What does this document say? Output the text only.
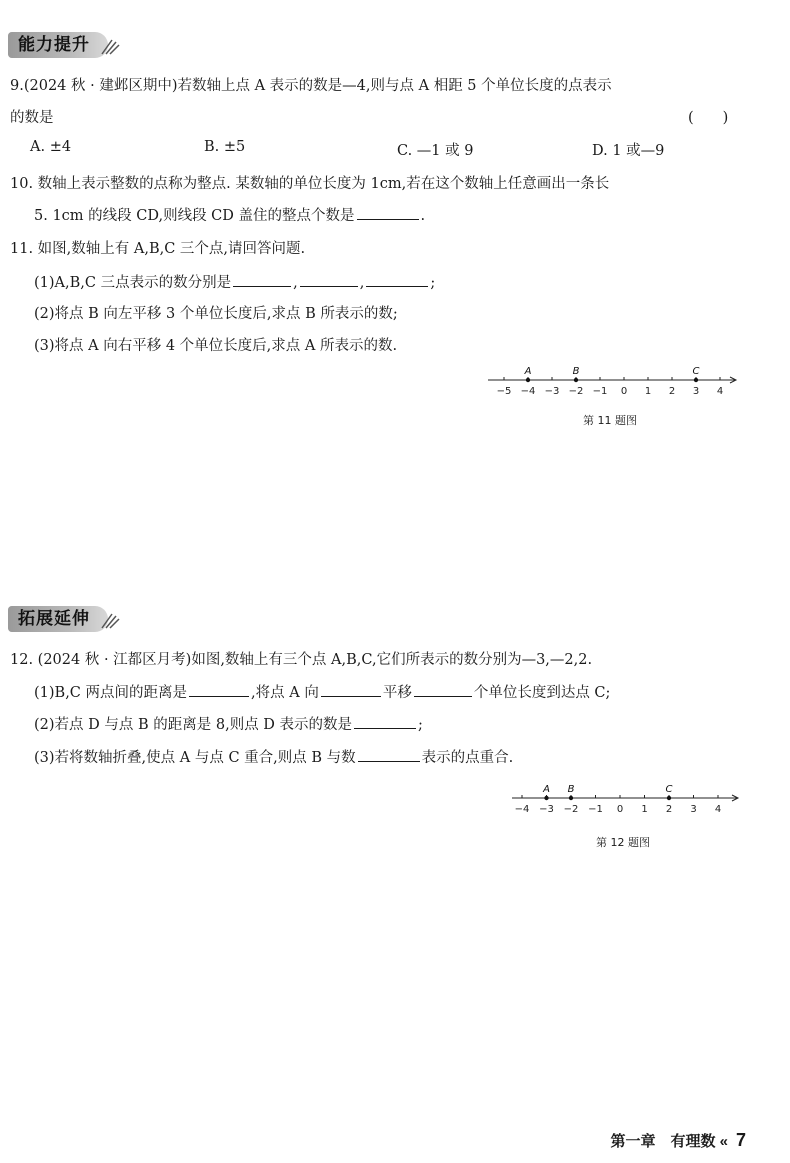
能力提升
9.(2024 秋 · 建邺区期中)若数轴上点 A 表示的数是—4,则与点 A 相距 5 个单位长度的点表示
的数是	(　　)
A. ±4	B. ±5	C. —1 或 9	D. 1 或—9
10. 数轴上表示整数的点称为整点. 某数轴的单位长度为 1cm,若在这个数轴上任意画出一条长
5. 1cm 的线段 CD,则线段 CD 盖住的整点个数是	.
11. 如图,数轴上有 A,B,C 三个点,请回答问题.
(1)A,B,C 三点表示的数分别是	,	,	;
(2)将点 B 向左平移 3 个单位长度后,求点 B 所表示的数;
(3)将点 A 向右平移 4 个单位长度后,求点 A 所表示的数.
−5 −4 −3 −2 −1 0 1 2 3 4
A	B	C
第 11 题图
拓展延伸
12. (2024 秋 · 江都区月考)如图,数轴上有三个点 A,B,C,它们所表示的数分别为—3,—2,2.
(1)B,C 两点间的距离是	,将点 A 向	平移	个单位长度到达点 C;
(2)若点 D 与点 B 的距离是 8,则点 D 表示的数是	;
(3)若将数轴折叠,使点 A 与点 C 重合,则点 B 与数	表示的点重合.
−4 −3 −2 −1 0 1 2 3 4
A B	C
第 12 题图
第一章　有理数 « 7
